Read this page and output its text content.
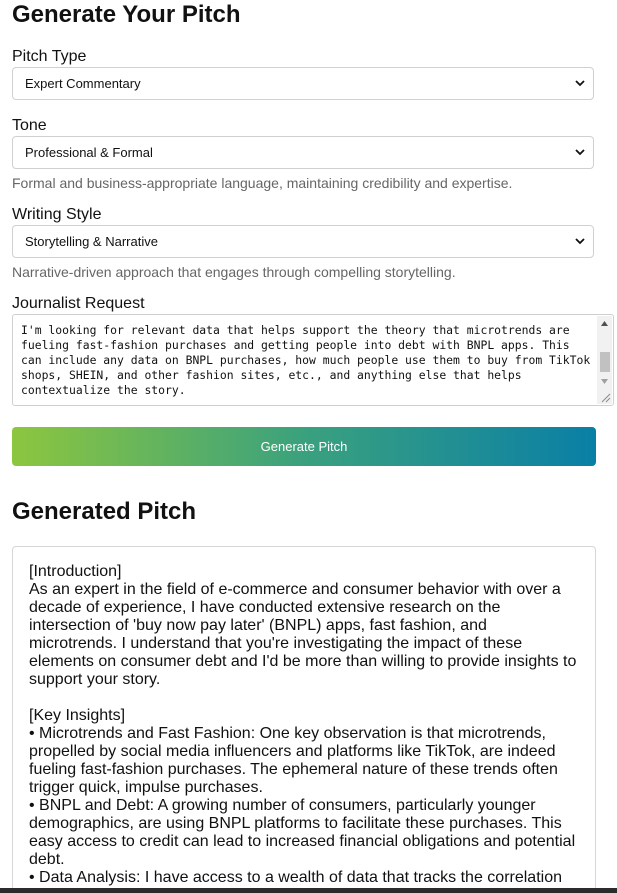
Generate Your Pitch
Pitch Type
Expert Commentary
Tone
Professional & Formal
Formal and business-appropriate language, maintaining credibility and expertise.
Writing Style
Storytelling & Narrative
Narrative-driven approach that engages through compelling storytelling.
Journalist Request
I'm looking for relevant data that helps support the theory that microtrends are fueling fast-fashion purchases and getting people into debt with BNPL apps. This can include any data on BNPL purchases, how much people use them to buy from TikTok shops, SHEIN, and other fashion sites, etc., and anything else that helps contextualize the story.
Generate Pitch
Generated Pitch

[Introduction]

As an expert in the field of e-commerce and consumer behavior with over a decade of experience, I have conducted extensive research on the intersection of 'buy now pay later' (BNPL) apps, fast fashion, and microtrends. I understand that you're investigating the impact of these elements on consumer debt and I'd be more than willing to provide insights to support your story.

[Key Insights]

• Microtrends and Fast Fashion: One key observation is that microtrends, propelled by social media influencers and platforms like TikTok, are indeed fueling fast-fashion purchases. The ephemeral nature of these trends often trigger quick, impulse purchases.

• BNPL and Debt: A growing number of consumers, particularly younger demographics, are using BNPL platforms to facilitate these purchases. This easy access to credit can lead to increased financial obligations and potential debt.

• Data Analysis: I have access to a wealth of data that tracks the correlation
